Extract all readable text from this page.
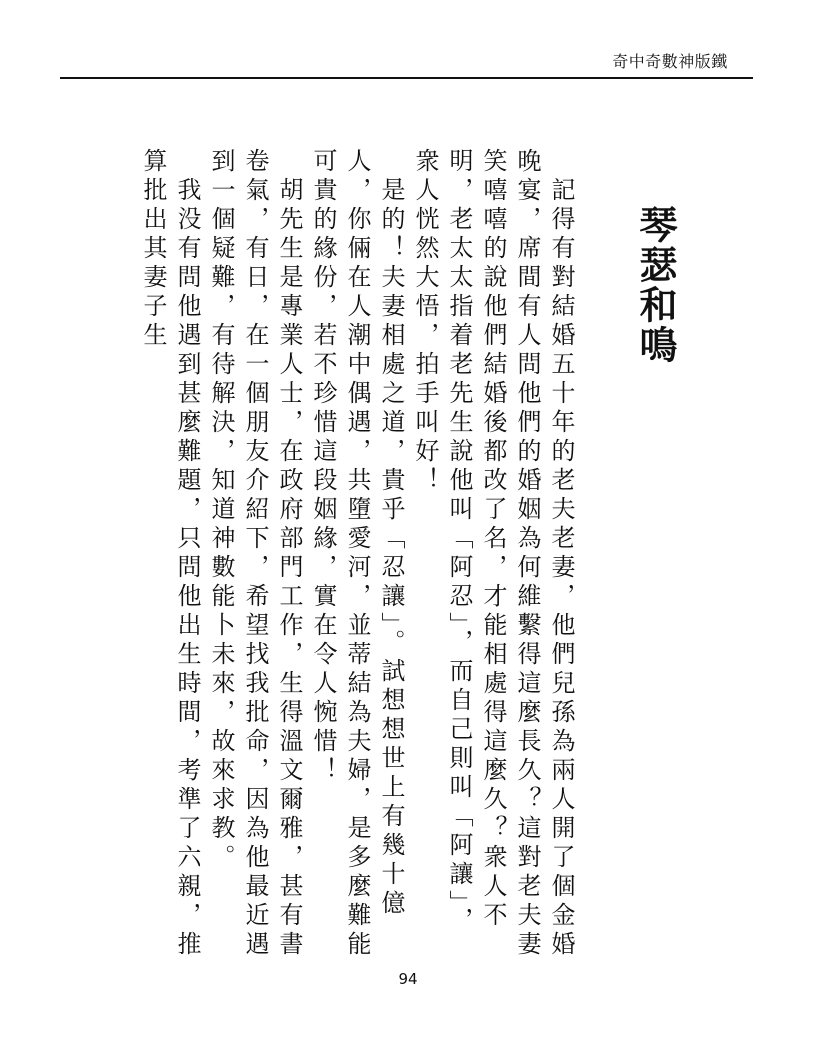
奇中奇數神版鐵
琴瑟和鳴

記得有對結婚五十年的老夫老妻，他們兒孫為兩人開了個金婚晚宴，席間有人問他們的婚姻為何維繫得這麼長久？這對老夫妻笑嘻嘻的說他們結婚後都改了名，才能相處得這麼久？衆人不明，老太太指着老先生說他叫「阿忍」，而自己則叫「阿讓」，衆人恍然大悟，拍手叫好！

是的！夫妻相處之道，貴乎「忍讓」。試想想世上有幾十億人，你倆在人潮中偶遇，共墮愛河，並蒂結為夫婦，是多麼難能可貴的緣份，若不珍惜這段姻緣，實在令人惋惜！

胡先生是專業人士，在政府部門工作，生得溫文爾雅，甚有書卷氣，有日，在一個朋友介紹下，希望找我批命，因為他最近遇到一個疑難，有待解決，知道神數能卜未來，故來求教。

我没有問他遇到甚麼難題，只問他出生時間，考準了六親，推算批出其妻子生

94
